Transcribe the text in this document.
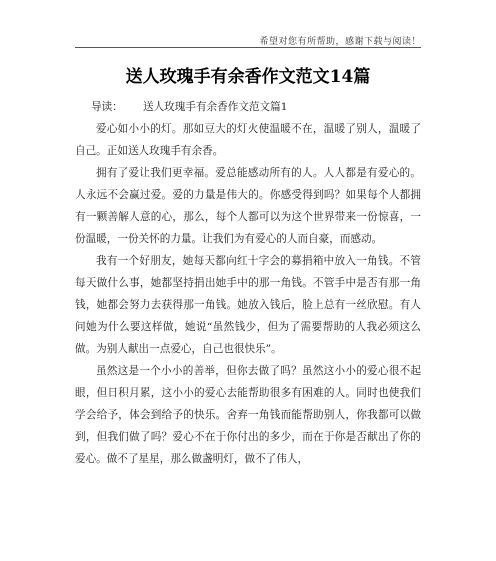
希望对您有所帮助，感谢下载与阅读！
送人玫瑰手有余香作文范文14篇
导读：	送人玫瑰手有余香作文范文篇1

爱心如小小的灯。那如豆大的灯火使温暖不在，温暖了别人，温暖了自己。正如送人玫瑰手有余香。

拥有了爱让我们更幸福。爱总能感动所有的人。人人都是有爱心的。人永远不会赢过爱。爱的力量是伟大的。你感受得到吗？如果每个人都拥有一颗善解人意的心，那么，每个人都可以为这个世界带来一份惊喜，一份温暖，一份关怀的力量。让我们为有爱心的人而自豪，而感动。

我有一个好朋友，她每天都向红十字会的募捐箱中放入一角钱。不管每天做什么事，她都坚持捐出她手中的那一角钱。不管手中是否有那一角钱，她都会努力去获得那一角钱。她放入钱后，脸上总有一丝欣慰。有人问她为什么要这样做，她说“虽然钱少，但为了需要帮助的人我必须这么做。为别人献出一点爱心，自己也很快乐”。

虽然这是一个小小的善举，但你去做了吗？虽然这小小的爱心很不起眼，但日积月累，这小小的爱心去能帮助很多有困难的人。同时也使我们学会给予，体会到给予的快乐。舍弃一角钱而能帮助别人，你我都可以做到，但我们做了吗？爱心不在于你付出的多少，而在于你是否献出了你的爱心。做不了星星，那么做盏明灯，做不了伟人，
